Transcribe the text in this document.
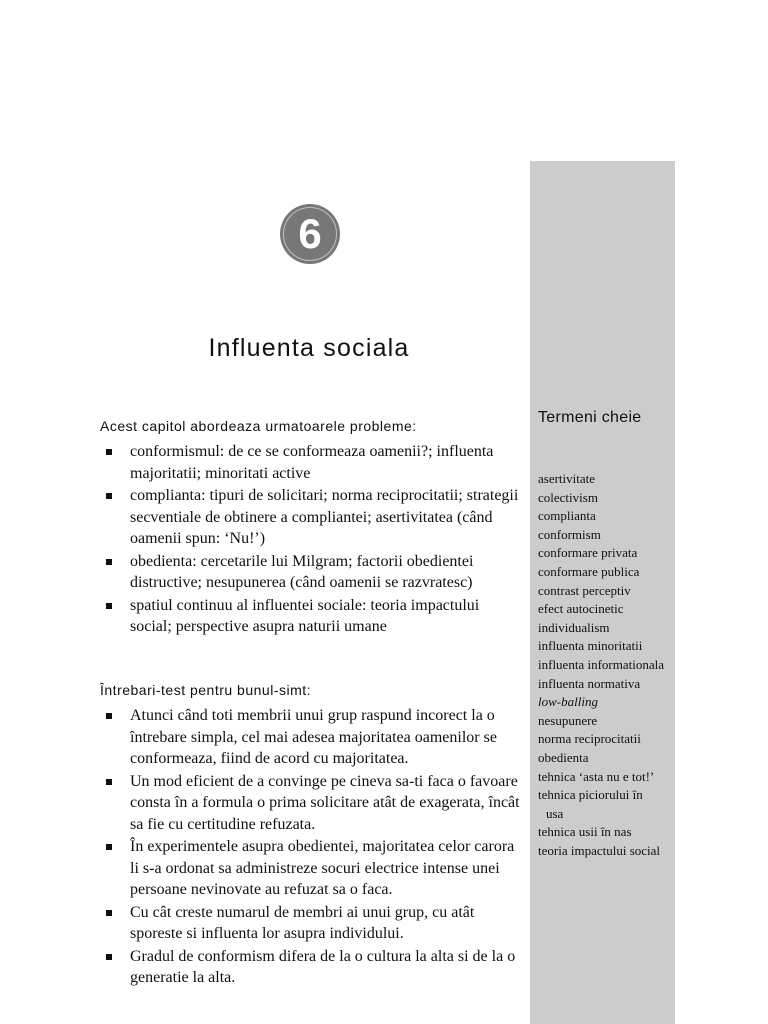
Termeni cheie
asertivitate
colectivism
complianta
conformism
conformare privata
conformare publica
contrast perceptiv
efect autocinetic
individualism
influenta minoritatii
influenta informationala
influenta normativa
low-balling
nesupunere
norma reciprocitatii
obedienta
tehnica ‘asta nu e tot!’
tehnica piciorului în
usa
tehnica usii în nas
teoria impactului social
6
Influenta sociala
Acest capitol abordeaza urmatoarele probleme:
conformismul: de ce se conformeaza oamenii?; influenta majoritatii; minoritati active
complianta: tipuri de solicitari; norma reciprocitatii; strategii secventiale de obtinere a compliantei; asertivitatea (când oamenii spun: ‘Nu!’)
obedienta: cercetarile lui Milgram; factorii obedientei distructive; nesupunerea (când oamenii se razvratesc)
spatiul continuu al influentei sociale: teoria impactului social; perspective asupra naturii umane
Întrebari-test pentru bunul-simt:
Atunci când toti membrii unui grup raspund incorect la o întrebare simpla, cel mai adesea majoritatea oamenilor se conformeaza, fiind de acord cu majoritatea.
Un mod eficient de a convinge pe cineva sa-ti faca o favoare consta în a formula o prima solicitare atât de exagerata, încât sa fie cu certitudine refuzata.
În experimentele asupra obedientei, majoritatea celor carora li s-a ordonat sa administreze socuri electrice intense unei persoane nevinovate au refuzat sa o faca.
Cu cât creste numarul de membri ai unui grup, cu atât sporeste si influenta lor asupra individului.
Gradul de conformism difera de la o cultura la alta si de la o generatie la alta.
